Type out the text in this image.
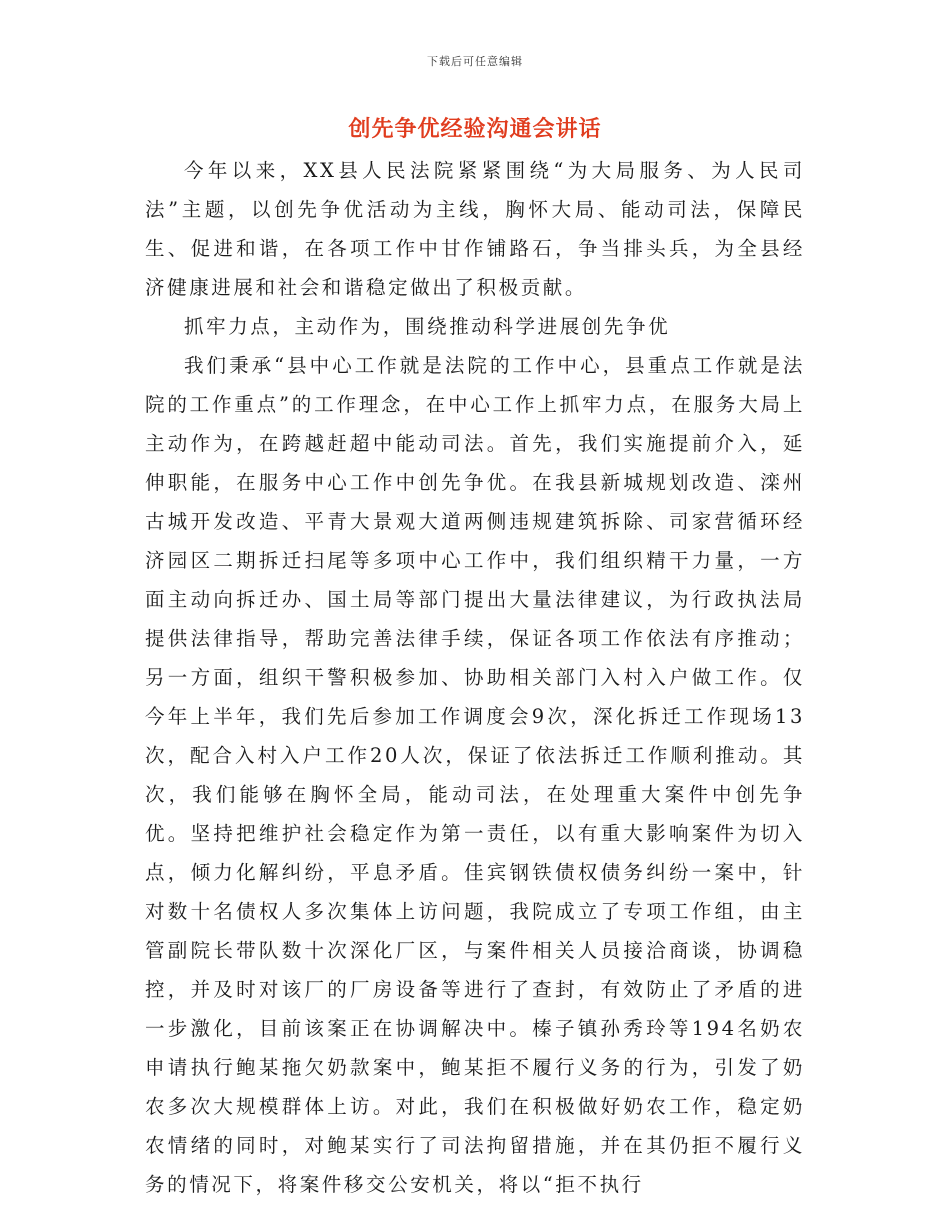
下载后可任意编辑
创先争优经验沟通会讲话

今年以来，XX县人民法院紧紧围绕“为大局服务、为人民司法”主题，以创先争优活动为主线，胸怀大局、能动司法，保障民生、促进和谐，在各项工作中甘作铺路石，争当排头兵，为全县经济健康进展和社会和谐稳定做出了积极贡献。

抓牢力点，主动作为，围绕推动科学进展创先争优

我们秉承“县中心工作就是法院的工作中心，县重点工作就是法院的工作重点”的工作理念，在中心工作上抓牢力点，在服务大局上主动作为，在跨越赶超中能动司法。首先，我们实施提前介入，延伸职能，在服务中心工作中创先争优。在我县新城规划改造、滦州古城开发改造、平青大景观大道两侧违规建筑拆除、司家营循环经济园区二期拆迁扫尾等多项中心工作中，我们组织精干力量，一方面主动向拆迁办、国土局等部门提出大量法律建议，为行政执法局提供法律指导，帮助完善法律手续，保证各项工作依法有序推动；另一方面，组织干警积极参加、协助相关部门入村入户做工作。仅今年上半年，我们先后参加工作调度会9次，深化拆迁工作现场13次，配合入村入户工作20人次，保证了依法拆迁工作顺利推动。其次，我们能够在胸怀全局，能动司法，在处理重大案件中创先争优。坚持把维护社会稳定作为第一责任，以有重大影响案件为切入点，倾力化解纠纷，平息矛盾。佳宾钢铁债权债务纠纷一案中，针对数十名债权人多次集体上访问题，我院成立了专项工作组，由主管副院长带队数十次深化厂区，与案件相关人员接洽商谈，协调稳控，并及时对该厂的厂房设备等进行了查封，有效防止了矛盾的进一步激化，目前该案正在协调解决中。榛子镇孙秀玲等194名奶农申请执行鲍某拖欠奶款案中，鲍某拒不履行义务的行为，引发了奶农多次大规模群体上访。对此，我们在积极做好奶农工作，稳定奶农情绪的同时，对鲍某实行了司法拘留措施，并在其仍拒不履行义务的情况下，将案件移交公安机关，将以“拒不执行
